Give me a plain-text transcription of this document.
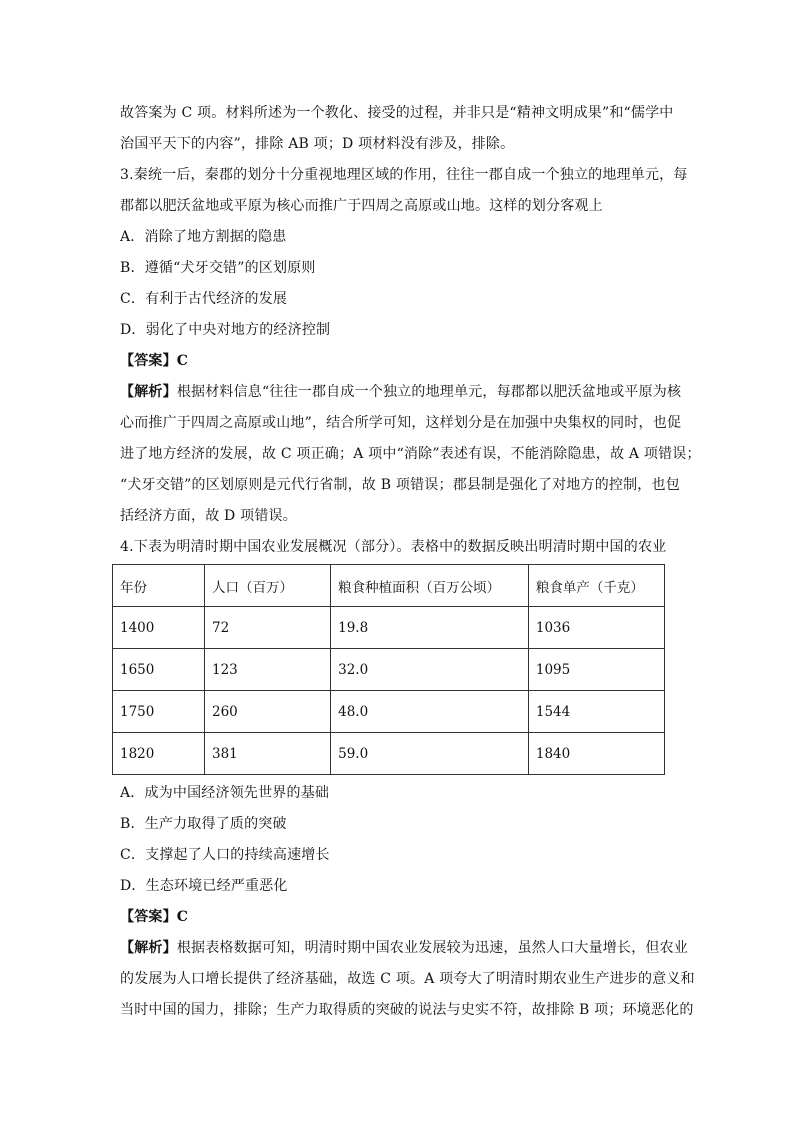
故答案为 C 项。材料所述为一个教化、接受的过程，并非只是“精神文明成果”和“儒学中

治国平天下的内容”，排除 AB 项；D 项材料没有涉及，排除。

3.秦统一后，秦郡的划分十分重视地理区域的作用，往往一郡自成一个独立的地理单元，每

郡都以肥沃盆地或平原为核心而推广于四周之高原或山地。这样的划分客观上

A．消除了地方割据的隐患

B．遵循“犬牙交错”的区划原则

C．有利于古代经济的发展

D．弱化了中央对地方的经济控制

【答案】C

【解析】根据材料信息“往往一郡自成一个独立的地理单元，每郡都以肥沃盆地或平原为核

心而推广于四周之高原或山地”，结合所学可知，这样划分是在加强中央集权的同时，也促

进了地方经济的发展，故 C 项正确；A 项中“消除”表述有误，不能消除隐患，故 A 项错误；

“犬牙交错”的区划原则是元代行省制，故 B 项错误；郡县制是强化了对地方的控制，也包

括经济方面，故 D 项错误。

4.下表为明清时期中国农业发展概况（部分）。表格中的数据反映出明清时期中国的农业

年份	人口（百万）	粮食种植面积（百万公顷）	粮食单产（千克）
1400	72	19.8	1036
1650	123	32.0	1095
1750	260	48.0	1544
1820	381	59.0	1840

A．成为中国经济领先世界的基础

B．生产力取得了质的突破

C．支撑起了人口的持续高速增长

D．生态环境已经严重恶化

【答案】C

【解析】根据表格数据可知，明清时期中国农业发展较为迅速，虽然人口大量增长，但农业

的发展为人口增长提供了经济基础，故选 C 项。A 项夸大了明清时期农业生产进步的意义和

当时中国的国力，排除；生产力取得质的突破的说法与史实不符，故排除 B 项；环境恶化的
